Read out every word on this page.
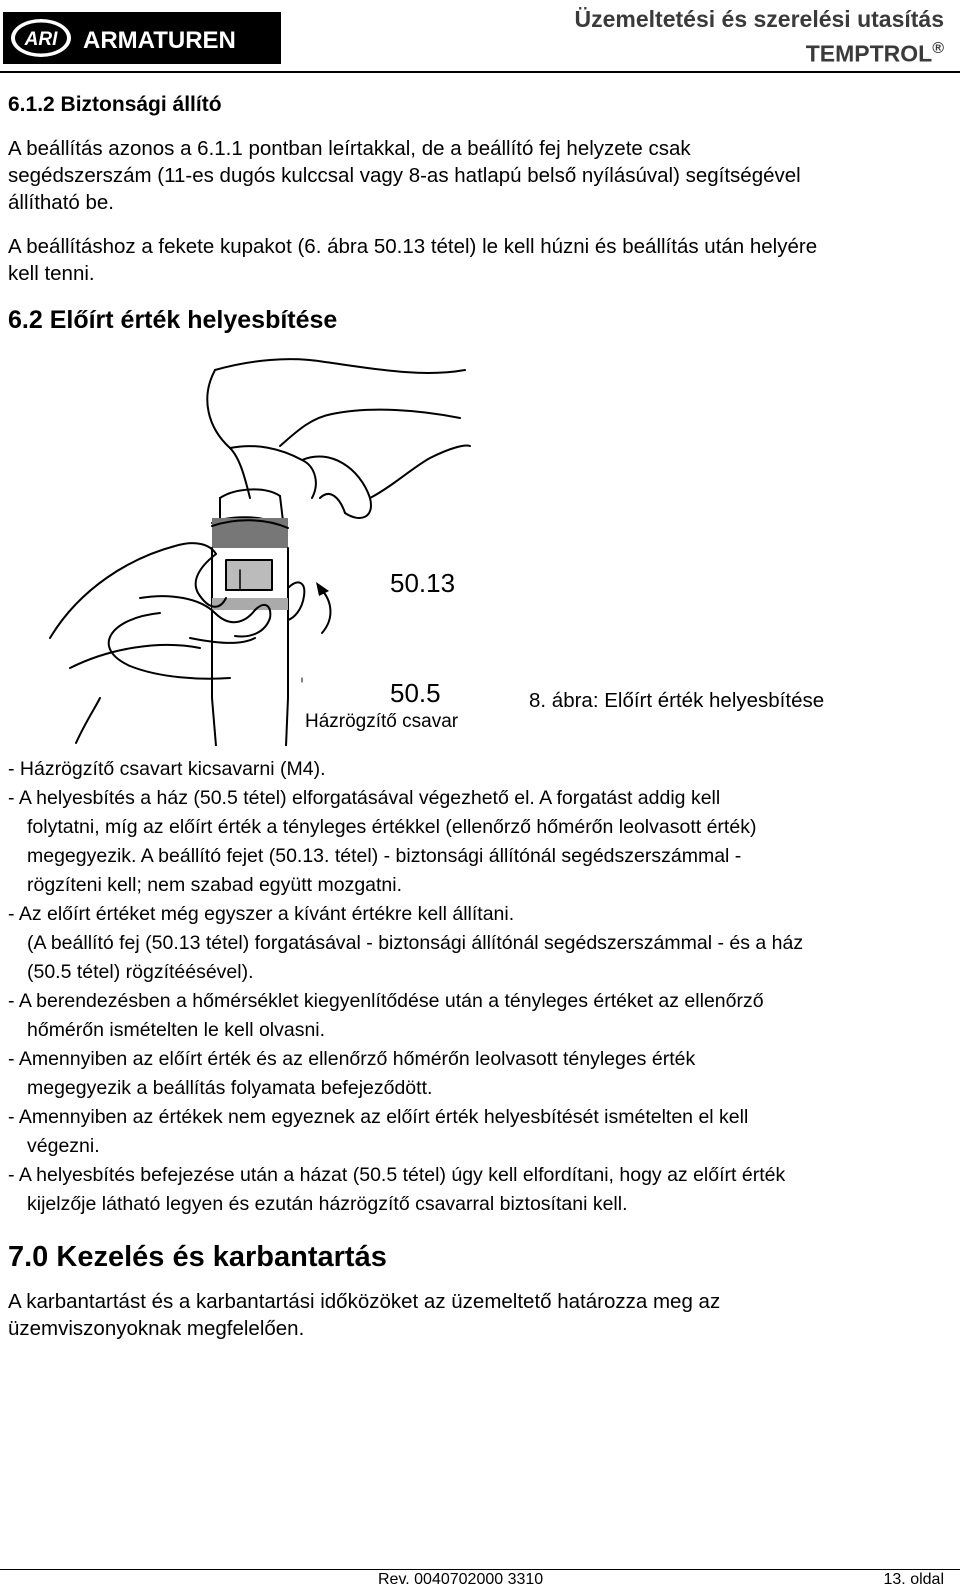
ARI ARMATUREN
Üzemeltetési és szerelési utasítás
TEMPTROL®
6.1.2 Biztonsági állító
A beállítás azonos a 6.1.1 pontban leírtakkal, de a beállító fej helyzete csak
segédszerszám (11-es dugós kulccsal vagy 8-as hatlapú belső nyílásúval) segítségével
állítható be.
A beállításhoz a fekete kupakot (6. ábra 50.13 tétel) le kell húzni és beállítás után helyére
kell tenni.
6.2 Előírt érték helyesbítése
50.13
50.5
Házrögzítő csavar
8. ábra: Előírt érték helyesbítése
- Házrögzítő csavart kicsavarni (M4).
- A helyesbítés a ház (50.5 tétel) elforgatásával végezhető el. A forgatást addig kell
folytatni, míg az előírt érték a tényleges értékkel (ellenőrző hőmérőn leolvasott érték)
megegyezik. A beállító fejet (50.13. tétel) - biztonsági állítónál segédszerszámmal -
rögzíteni kell; nem szabad együtt mozgatni.
- Az előírt értéket még egyszer a kívánt értékre kell állítani.
(A beállító fej (50.13 tétel) forgatásával - biztonsági állítónál segédszerszámmal - és a ház
(50.5 tétel) rögzítéésével).
- A berendezésben a hőmérséklet kiegyenlítődése után a tényleges értéket az ellenőrző
hőmérőn ismételten le kell olvasni.
- Amennyiben az előírt érték és az ellenőrző hőmérőn leolvasott tényleges érték
megegyezik a beállítás folyamata befejeződött.
- Amennyiben az értékek nem egyeznek az előírt érték helyesbítését ismételten el kell
végezni.
- A helyesbítés befejezése után a házat (50.5 tétel) úgy kell elfordítani, hogy az előírt érték
kijelzője látható legyen és ezután házrögzítő csavarral biztosítani kell.
7.0 Kezelés és karbantartás
A karbantartást és a karbantartási időközöket az üzemeltető határozza meg az
üzemviszonyoknak megfelelően.
Rev. 0040702000 3310	13. oldal
